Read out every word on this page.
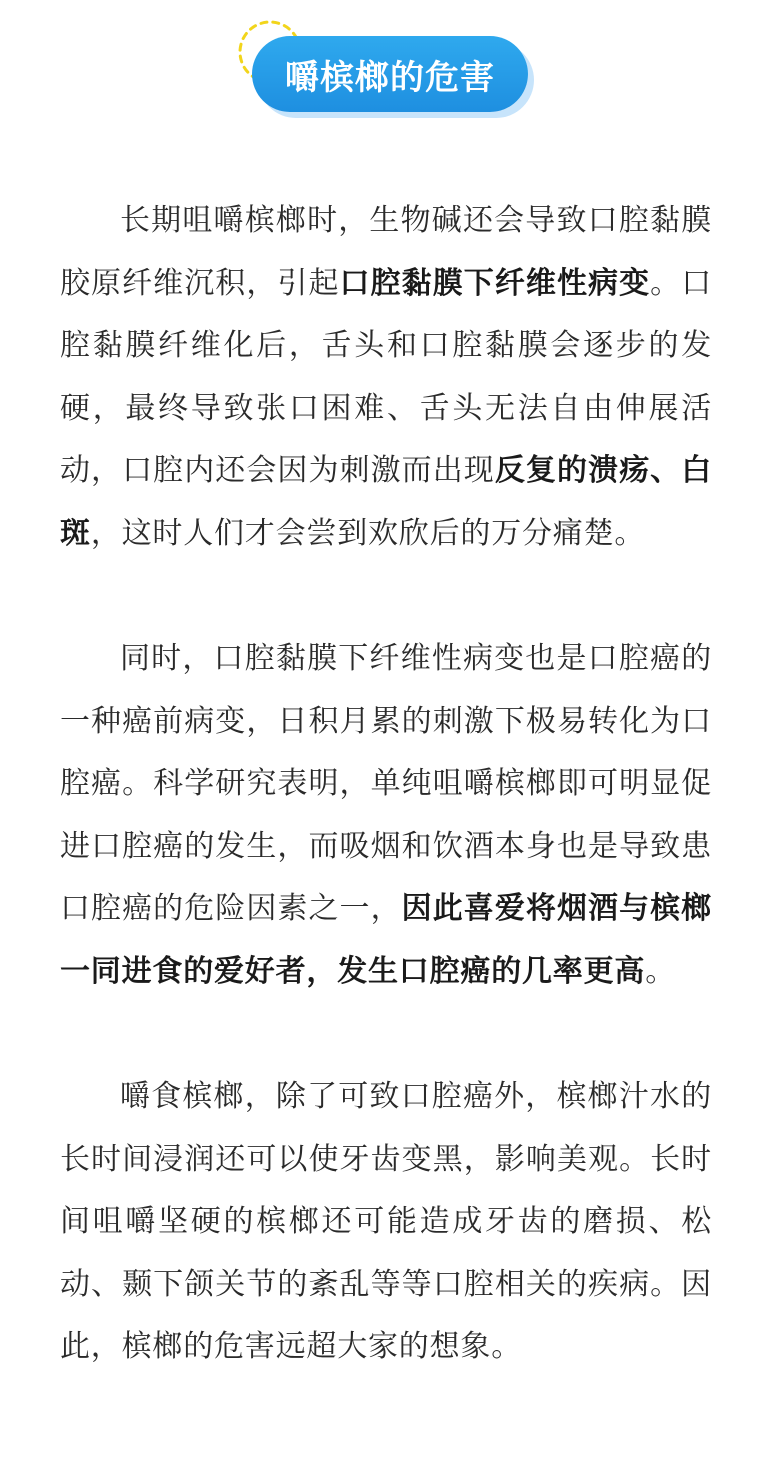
嚼槟榔的危害

长期咀嚼槟榔时，生物碱还会导致口腔黏膜胶原纤维沉积，引起口腔黏膜下纤维性病变。口腔黏膜纤维化后，舌头和口腔黏膜会逐步的发硬，最终导致张口困难、舌头无法自由伸展活动，口腔内还会因为刺激而出现反复的溃疡、白斑，这时人们才会尝到欢欣后的万分痛楚。

同时，口腔黏膜下纤维性病变也是口腔癌的一种癌前病变，日积月累的刺激下极易转化为口腔癌。科学研究表明，单纯咀嚼槟榔即可明显促进口腔癌的发生，而吸烟和饮酒本身也是导致患口腔癌的危险因素之一，因此喜爱将烟酒与槟榔一同进食的爱好者，发生口腔癌的几率更高。

嚼食槟榔，除了可致口腔癌外，槟榔汁水的长时间浸润还可以使牙齿变黑，影响美观。长时间咀嚼坚硬的槟榔还可能造成牙齿的磨损、松动、颞下颌关节的紊乱等等口腔相关的疾病。因此，槟榔的危害远超大家的想象。
